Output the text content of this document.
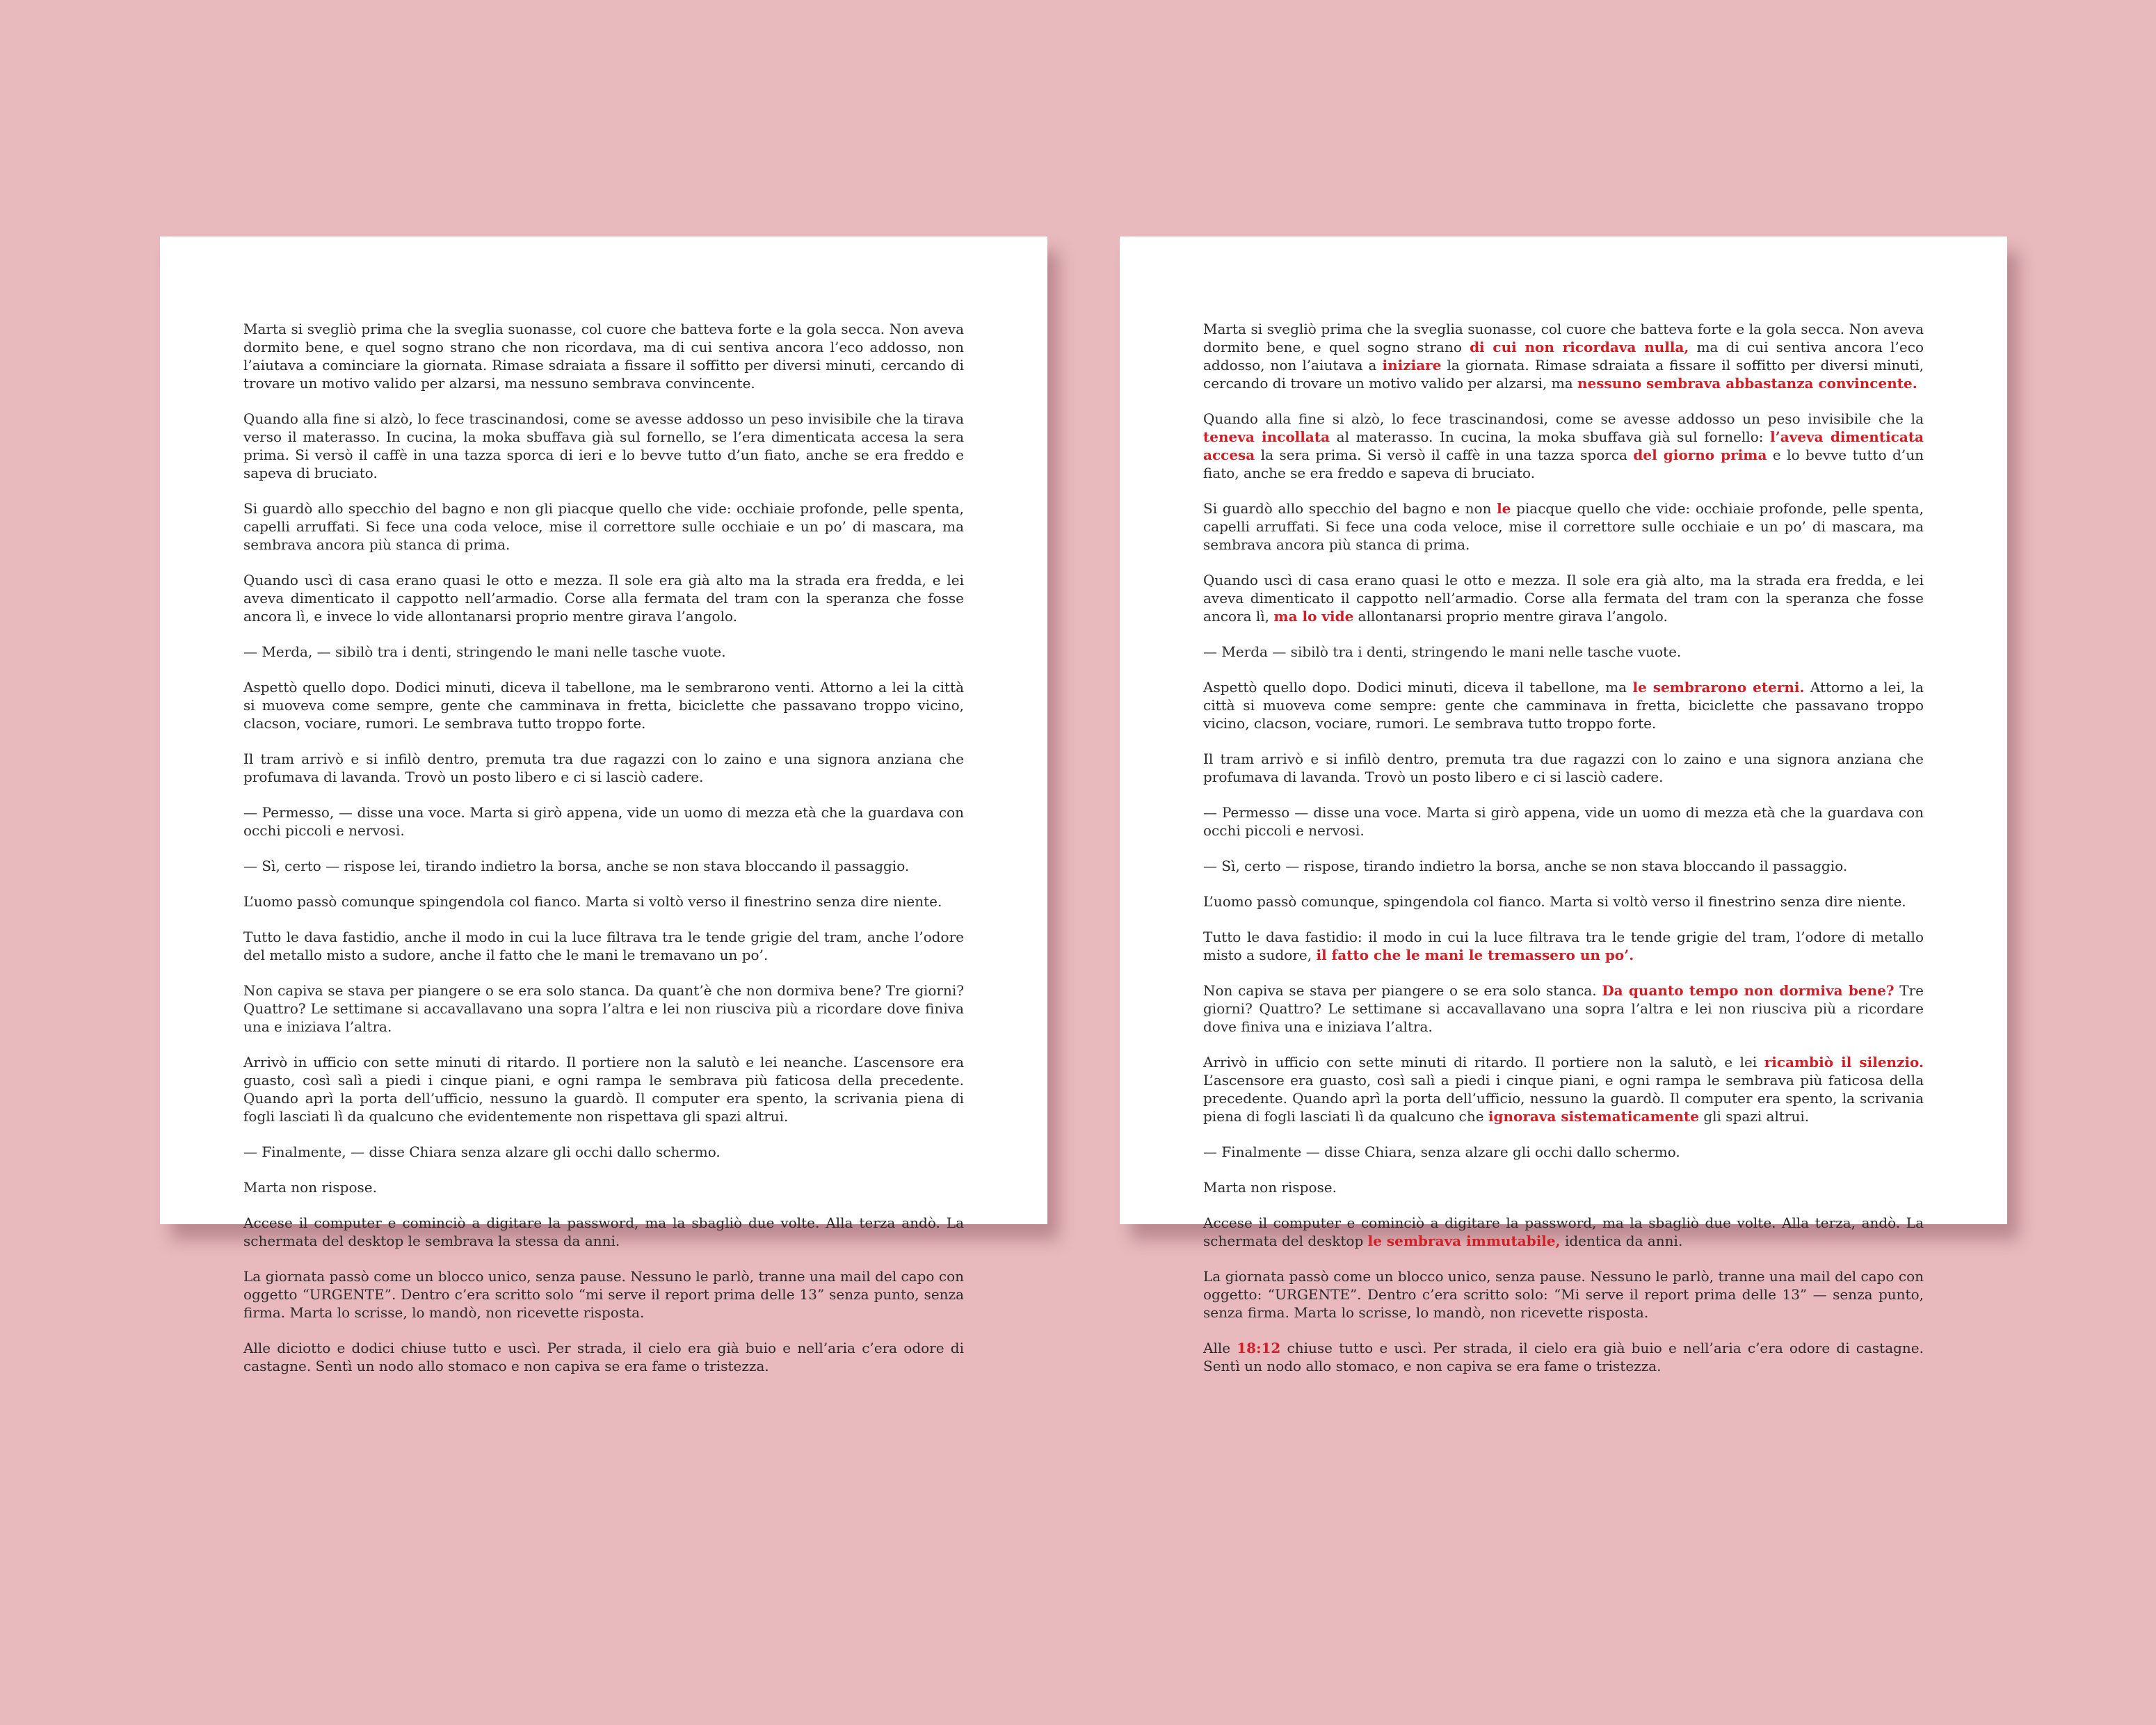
Marta si svegliò prima che la sveglia suonasse, col cuore che batteva forte e la gola secca. Non aveva dormito bene, e quel sogno strano che non ricordava, ma di cui sentiva ancora l’eco addosso, non l’aiutava a cominciare la giornata. Rimase sdraiata a fissare il soffitto per diversi minuti, cercando di trovare un motivo valido per alzarsi, ma nessuno sembrava convincente.

Quando alla fine si alzò, lo fece trascinandosi, come se avesse addosso un peso invisibile che la tirava verso il materasso. In cucina, la moka sbuffava già sul fornello, se l’era dimenticata accesa la sera prima. Si versò il caffè in una tazza sporca di ieri e lo bevve tutto d’un fiato, anche se era freddo e sapeva di bruciato.

Si guardò allo specchio del bagno e non gli piacque quello che vide: occhiaie profonde, pelle spenta, capelli arruffati. Si fece una coda veloce, mise il correttore sulle occhiaie e un po’ di mascara, ma sembrava ancora più stanca di prima.

Quando uscì di casa erano quasi le otto e mezza. Il sole era già alto ma la strada era fredda, e lei aveva dimenticato il cappotto nell’armadio. Corse alla fermata del tram con la speranza che fosse ancora lì, e invece lo vide allontanarsi proprio mentre girava l’angolo.

— Merda, — sibilò tra i denti, stringendo le mani nelle tasche vuote.

Aspettò quello dopo. Dodici minuti, diceva il tabellone, ma le sembrarono venti. Attorno a lei la città si muoveva come sempre, gente che camminava in fretta, biciclette che passavano troppo vicino, clacson, vociare, rumori. Le sembrava tutto troppo forte.

Il tram arrivò e si infilò dentro, premuta tra due ragazzi con lo zaino e una signora anziana che profumava di lavanda. Trovò un posto libero e ci si lasciò cadere.

— Permesso, — disse una voce. Marta si girò appena, vide un uomo di mezza età che la guardava con occhi piccoli e nervosi.

— Sì, certo — rispose lei, tirando indietro la borsa, anche se non stava bloccando il passaggio.

L’uomo passò comunque spingendola col fianco. Marta si voltò verso il finestrino senza dire niente.

Tutto le dava fastidio, anche il modo in cui la luce filtrava tra le tende grigie del tram, anche l’odore del metallo misto a sudore, anche il fatto che le mani le tremavano un po’.

Non capiva se stava per piangere o se era solo stanca. Da quant’è che non dormiva bene? Tre giorni? Quattro? Le settimane si accavallavano una sopra l’altra e lei non riusciva più a ricordare dove finiva una e iniziava l’altra.

Arrivò in ufficio con sette minuti di ritardo. Il portiere non la salutò e lei neanche. L’ascensore era guasto, così salì a piedi i cinque piani, e ogni rampa le sembrava più faticosa della precedente. Quando aprì la porta dell’ufficio, nessuno la guardò. Il computer era spento, la scrivania piena di fogli lasciati lì da qualcuno che evidentemente non rispettava gli spazi altrui.

— Finalmente, — disse Chiara senza alzare gli occhi dallo schermo.

Marta non rispose.

Accese il computer e cominciò a digitare la password, ma la sbagliò due volte. Alla terza andò. La schermata del desktop le sembrava la stessa da anni.

La giornata passò come un blocco unico, senza pause. Nessuno le parlò, tranne una mail del capo con oggetto “URGENTE”. Dentro c’era scritto solo “mi serve il report prima delle 13” senza punto, senza firma. Marta lo scrisse, lo mandò, non ricevette risposta.

Alle diciotto e dodici chiuse tutto e uscì. Per strada, il cielo era già buio e nell’aria c’era odore di castagne. Sentì un nodo allo stomaco e non capiva se era fame o tristezza.

Marta si svegliò prima che la sveglia suonasse, col cuore che batteva forte e la gola secca. Non aveva dormito bene, e quel sogno strano di cui non ricordava nulla, ma di cui sentiva ancora l’eco addosso, non l’aiutava a iniziare la giornata. Rimase sdraiata a fissare il soffitto per diversi minuti, cercando di trovare un motivo valido per alzarsi, ma nessuno sembrava abbastanza convincente.

Quando alla fine si alzò, lo fece trascinandosi, come se avesse addosso un peso invisibile che la teneva incollata al materasso. In cucina, la moka sbuffava già sul fornello: l’aveva dimenticata accesa la sera prima. Si versò il caffè in una tazza sporca del giorno prima e lo bevve tutto d’un fiato, anche se era freddo e sapeva di bruciato.

Si guardò allo specchio del bagno e non le piacque quello che vide: occhiaie profonde, pelle spenta, capelli arruffati. Si fece una coda veloce, mise il correttore sulle occhiaie e un po’ di mascara, ma sembrava ancora più stanca di prima.

Quando uscì di casa erano quasi le otto e mezza. Il sole era già alto, ma la strada era fredda, e lei aveva dimenticato il cappotto nell’armadio. Corse alla fermata del tram con la speranza che fosse ancora lì, ma lo vide allontanarsi proprio mentre girava l’angolo.

— Merda — sibilò tra i denti, stringendo le mani nelle tasche vuote.

Aspettò quello dopo. Dodici minuti, diceva il tabellone, ma le sembrarono eterni. Attorno a lei, la città si muoveva come sempre: gente che camminava in fretta, biciclette che passavano troppo vicino, clacson, vociare, rumori. Le sembrava tutto troppo forte.

Il tram arrivò e si infilò dentro, premuta tra due ragazzi con lo zaino e una signora anziana che profumava di lavanda. Trovò un posto libero e ci si lasciò cadere.

— Permesso — disse una voce. Marta si girò appena, vide un uomo di mezza età che la guardava con occhi piccoli e nervosi.

— Sì, certo — rispose, tirando indietro la borsa, anche se non stava bloccando il passaggio.

L’uomo passò comunque, spingendola col fianco. Marta si voltò verso il finestrino senza dire niente.

Tutto le dava fastidio: il modo in cui la luce filtrava tra le tende grigie del tram, l’odore di metallo misto a sudore, il fatto che le mani le tremassero un po’.

Non capiva se stava per piangere o se era solo stanca. Da quanto tempo non dormiva bene? Tre giorni? Quattro? Le settimane si accavallavano una sopra l’altra e lei non riusciva più a ricordare dove finiva una e iniziava l’altra.

Arrivò in ufficio con sette minuti di ritardo. Il portiere non la salutò, e lei ricambiò il silenzio. L’ascensore era guasto, così salì a piedi i cinque piani, e ogni rampa le sembrava più faticosa della precedente. Quando aprì la porta dell’ufficio, nessuno la guardò. Il computer era spento, la scrivania piena di fogli lasciati lì da qualcuno che ignorava sistematicamente gli spazi altrui.

— Finalmente — disse Chiara, senza alzare gli occhi dallo schermo.

Marta non rispose.

Accese il computer e cominciò a digitare la password, ma la sbagliò due volte. Alla terza, andò. La schermata del desktop le sembrava immutabile, identica da anni.

La giornata passò come un blocco unico, senza pause. Nessuno le parlò, tranne una mail del capo con oggetto: “URGENTE”. Dentro c’era scritto solo: “Mi serve il report prima delle 13” — senza punto, senza firma. Marta lo scrisse, lo mandò, non ricevette risposta.

Alle 18:12 chiuse tutto e uscì. Per strada, il cielo era già buio e nell’aria c’era odore di castagne. Sentì un nodo allo stomaco, e non capiva se era fame o tristezza.
